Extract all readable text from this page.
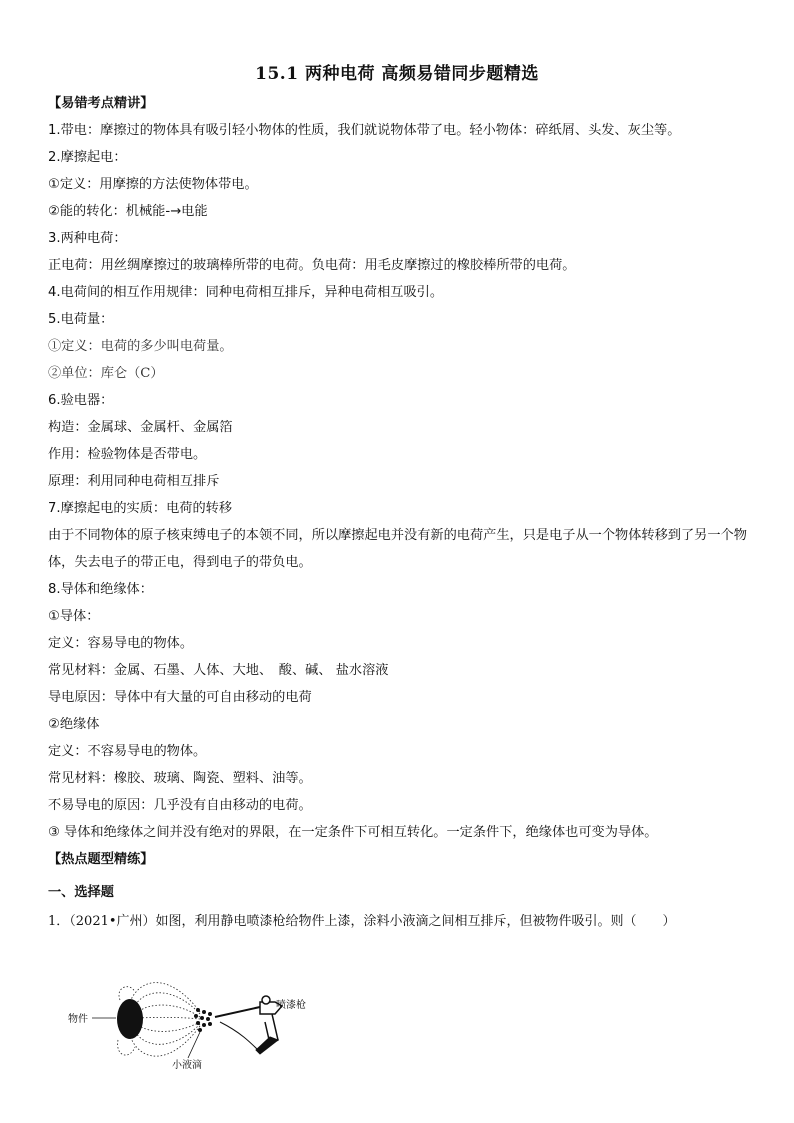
15.1 两种电荷 高频易错同步题精选
【易错考点精讲】
1.带电：摩擦过的物体具有吸引轻小物体的性质，我们就说物体带了电。轻小物体：碎纸屑、头发、灰尘等。
2.摩擦起电：
①定义：用摩擦的方法使物体带电。
②能的转化：机械能-→电能
3.两种电荷：
正电荷：用丝绸摩擦过的玻璃棒所带的电荷。负电荷：用毛皮摩擦过的橡胶棒所带的电荷。
4.电荷间的相互作用规律：同种电荷相互排斥，异种电荷相互吸引。
5.电荷量：
①定义：电荷的多少叫电荷量。
②单位：库仑（C）
6.验电器：
构造：金属球、金属杆、金属箔
作用：检验物体是否带电。
原理：利用同种电荷相互排斥
7.摩擦起电的实质：电荷的转移
由于不同物体的原子核束缚电子的本领不同，所以摩擦起电并没有新的电荷产生，只是电子从一个物体转移到了另一个物体，失去电子的带正电，得到电子的带负电。
8.导体和绝缘体：
①导体：
定义：容易导电的物体。
常见材料：金属、石墨、人体、大地、　酸、碱、 盐水溶液
导电原因：导体中有大量的可自由移动的电荷
②绝缘体
定义：不容易导电的物体。
常见材料：橡胶、玻璃、陶瓷、塑料、油等。
不易导电的原因：几乎没有自由移动的电荷。
③ 导体和绝缘体之间并没有绝对的界限，在一定条件下可相互转化。一定条件下，绝缘体也可变为导体。
【热点题型精练】
一、选择题
1．（2021•广州）如图，利用静电喷漆枪给物件上漆，涂料小液滴之间相互排斥，但被物件吸引。则（　　）
物件
喷漆枪
小液滴
